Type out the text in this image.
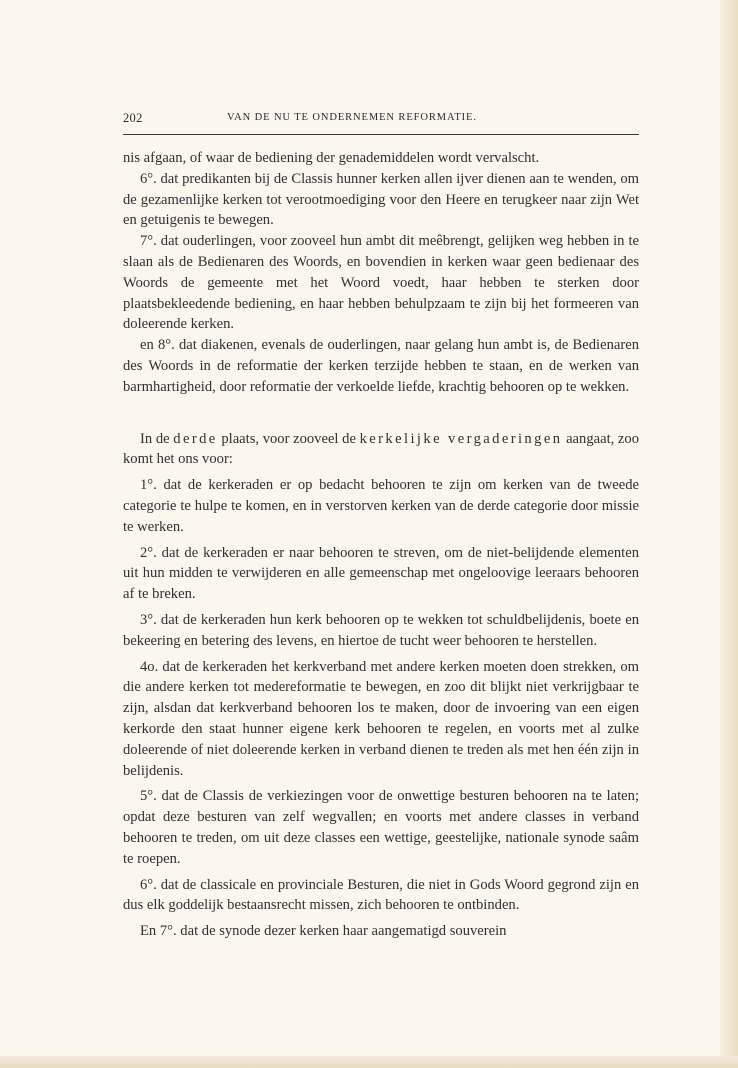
202	VAN DE NU TE ONDERNEMEN REFORMATIE.

nis afgaan, of waar de bediening der genademiddelen wordt vervalscht.

6°. dat predikanten bij de Classis hunner kerken allen ijver dienen aan te wenden, om de gezamenlijke kerken tot verootmoediging voor den Heere en terugkeer naar zijn Wet en getuigenis te bewegen.

7°. dat ouderlingen, voor zooveel hun ambt dit meêbrengt, gelijken weg hebben in te slaan als de Bedienaren des Woords, en bovendien in kerken waar geen bedienaar des Woords de gemeente met het Woord voedt, haar hebben te sterken door plaatsbekleedende bediening, en haar hebben behulpzaam te zijn bij het formeeren van doleerende kerken.

en 8°. dat diakenen, evenals de ouderlingen, naar gelang hun ambt is, de Bedienaren des Woords in de reformatie der kerken terzijde hebben te staan, en de werken van barmhartigheid, door reformatie der verkoelde liefde, krachtig behooren op te wekken.

In de derde plaats, voor zooveel de kerkelijke vergaderingen aangaat, zoo komt het ons voor:

1°. dat de kerkeraden er op bedacht behooren te zijn om kerken van de tweede categorie te hulpe te komen, en in verstorven kerken van de derde categorie door missie te werken.

2°. dat de kerkeraden er naar behooren te streven, om de niet-belijdende elementen uit hun midden te verwijderen en alle gemeenschap met ongeloovige leeraars behooren af te breken.

3°. dat de kerkeraden hun kerk behooren op te wekken tot schuldbelijdenis, boete en bekeering en betering des levens, en hiertoe de tucht weer behooren te herstellen.

4o. dat de kerkeraden het kerkverband met andere kerken moeten doen strekken, om die andere kerken tot medereformatie te bewegen, en zoo dit blijkt niet verkrijgbaar te zijn, alsdan dat kerkverband behooren los te maken, door de invoering van een eigen kerkorde den staat hunner eigene kerk behooren te regelen, en voorts met al zulke doleerende of niet doleerende kerken in verband dienen te treden als met hen één zijn in belijdenis.

5°. dat de Classis de verkiezingen voor de onwettige besturen behooren na te laten; opdat deze besturen van zelf wegvallen; en voorts met andere classes in verband behooren te treden, om uit deze classes een wettige, geestelijke, nationale synode saâm te roepen.

6°. dat de classicale en provinciale Besturen, die niet in Gods Woord gegrond zijn en dus elk goddelijk bestaansrecht missen, zich behooren te ontbinden.

En 7°. dat de synode dezer kerken haar aangematigd souverein
